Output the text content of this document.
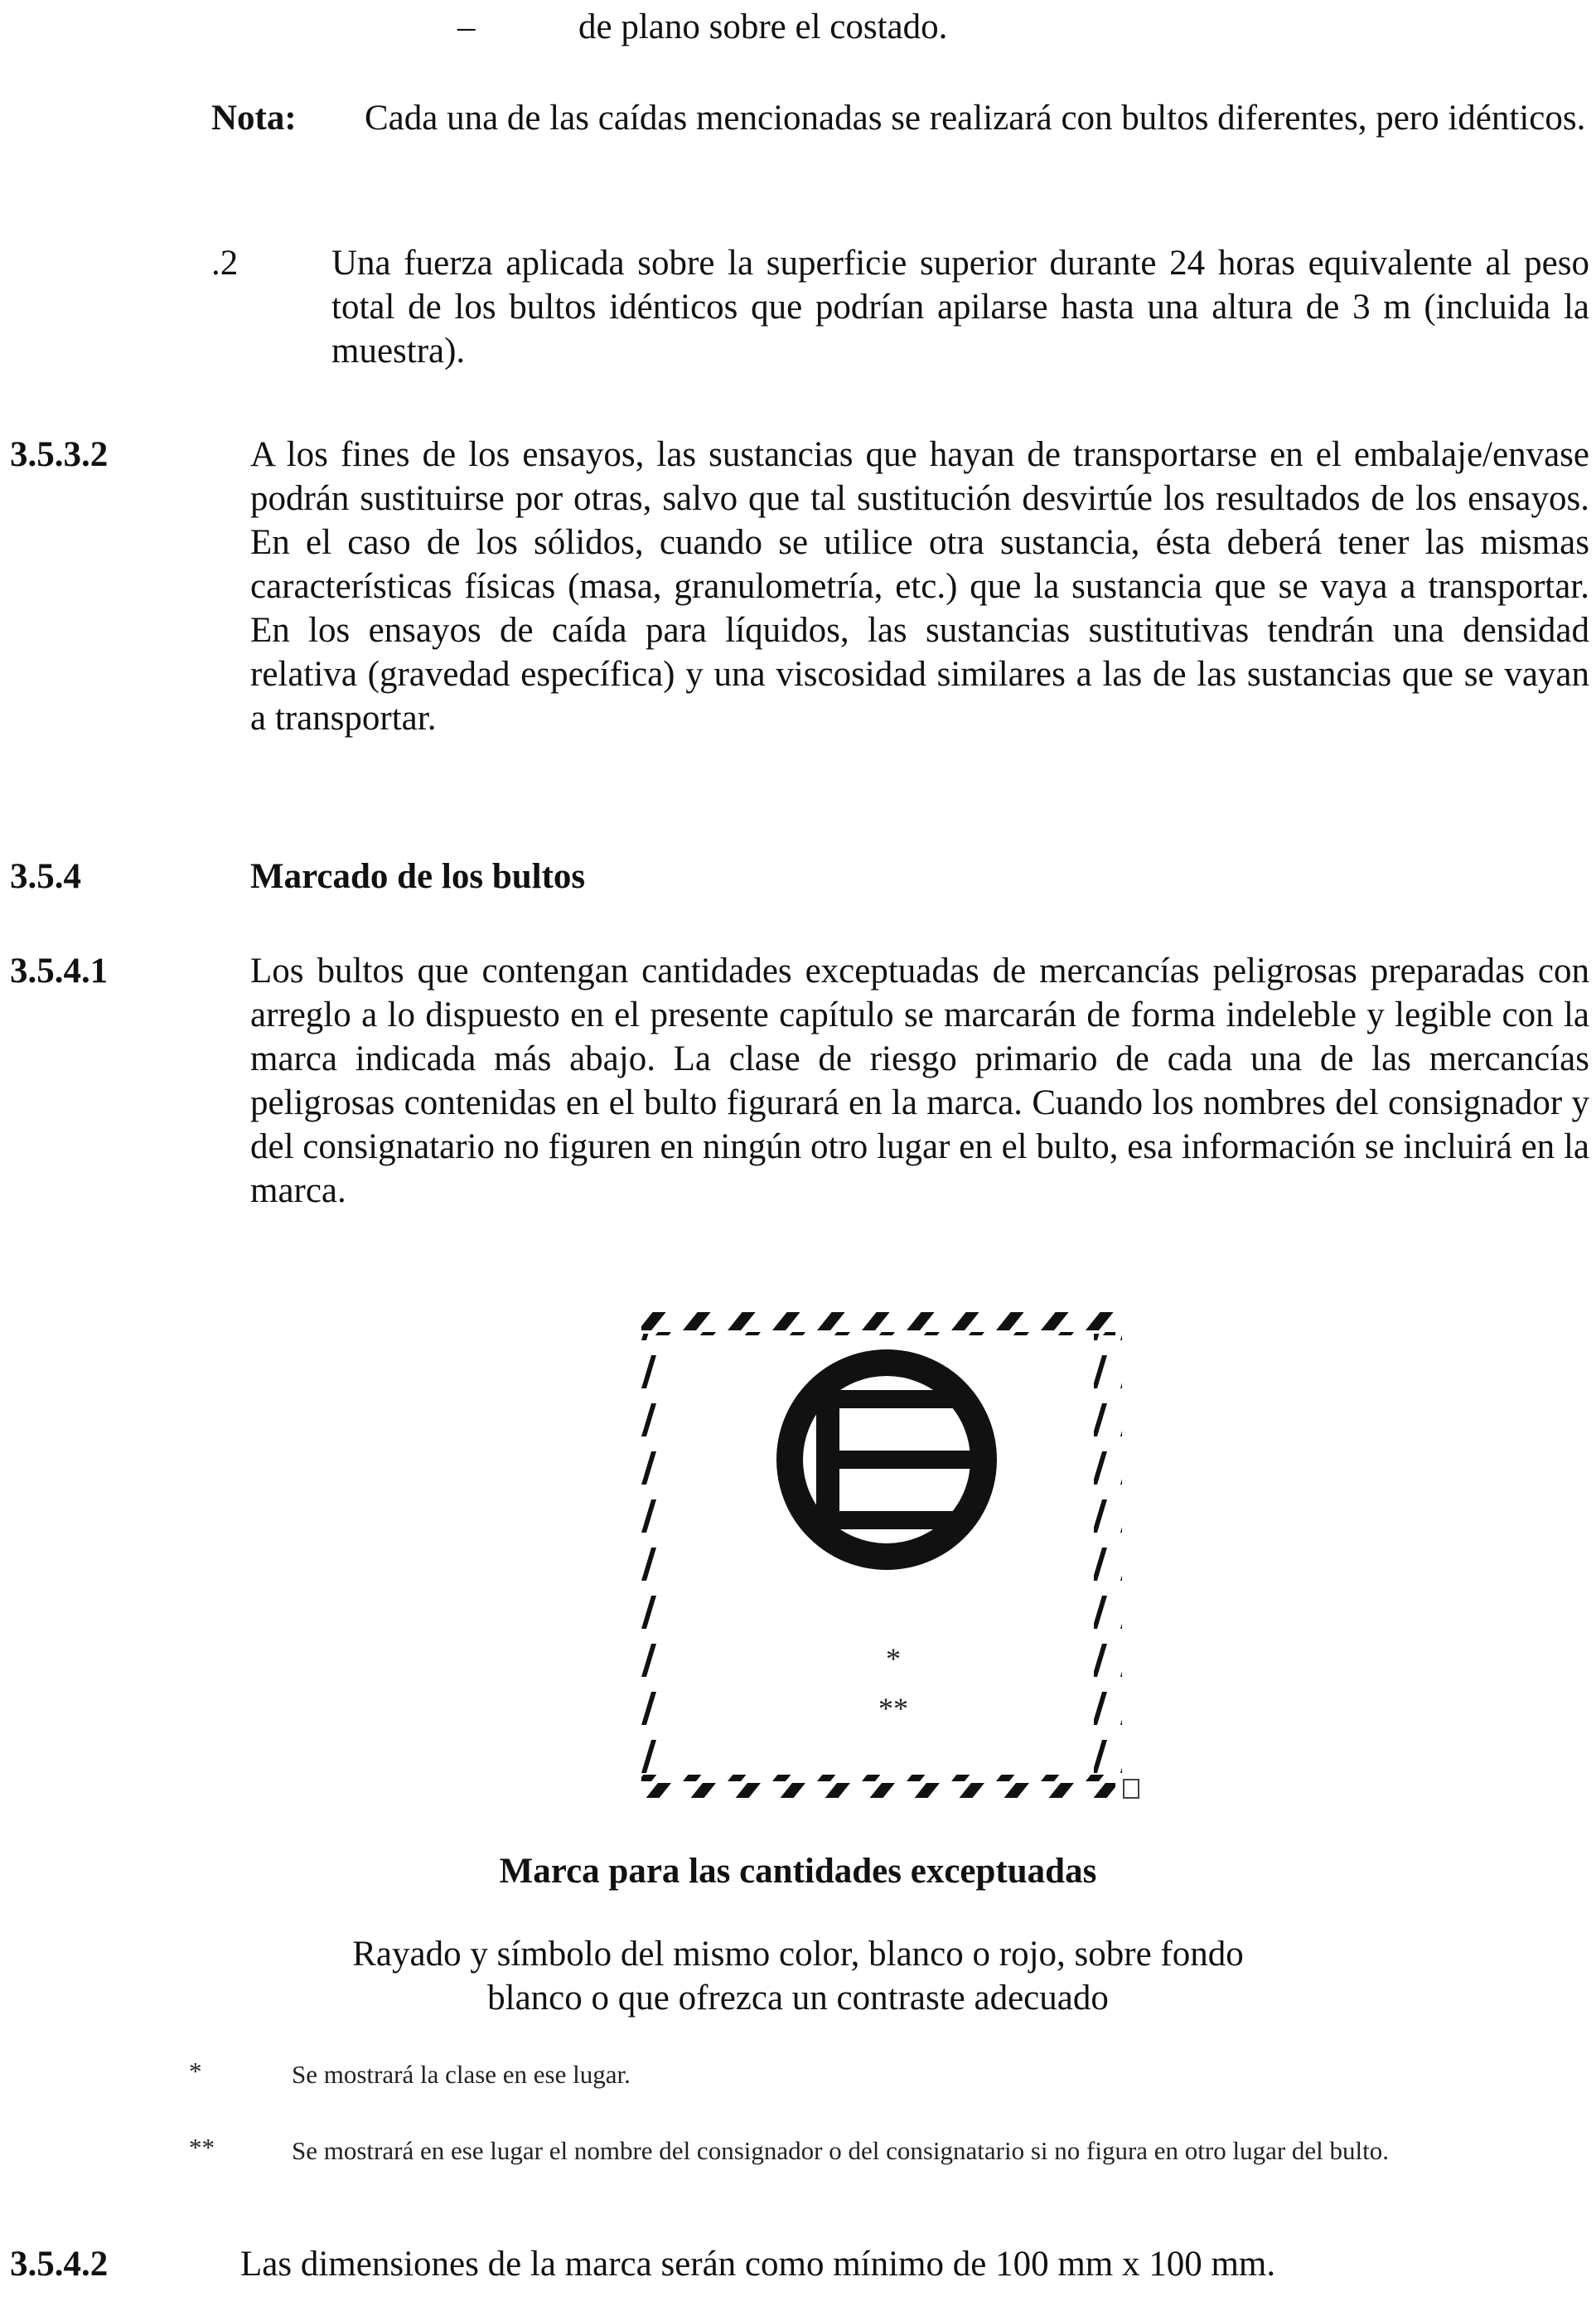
–	de plano sobre el costado.
Nota: Cada una de las caídas mencionadas se realizará con bultos diferentes, pero idénticos.
.2	Una fuerza aplicada sobre la superficie superior durante 24 horas equivalente al peso total de los bultos idénticos que podrían apilarse hasta una altura de 3 m (incluida la muestra).
3.5.3.2	A los fines de los ensayos, las sustancias que hayan de transportarse en el embalaje/envase podrán sustituirse por otras, salvo que tal sustitución desvirtúe los resultados de los ensayos. En el caso de los sólidos, cuando se utilice otra sustancia, ésta deberá tener las mismas características físicas (masa, granulometría, etc.) que la sustancia que se vaya a transportar. En los ensayos de caída para líquidos, las sustancias sustitutivas tendrán una densidad relativa (gravedad específica) y una viscosidad similares a las de las sustancias que se vayan a transportar.
3.5.4	Marcado de los bultos
3.5.4.1	Los bultos que contengan cantidades exceptuadas de mercancías peligrosas preparadas con arreglo a lo dispuesto en el presente capítulo se marcarán de forma indeleble y legible con la marca indicada más abajo. La clase de riesgo primario de cada una de las mercancías peligrosas contenidas en el bulto figurará en la marca. Cuando los nombres del consignador y del consignatario no figuren en ningún otro lugar en el bulto, esa información se incluirá en la marca.
*
**
Marca para las cantidades exceptuadas
Rayado y símbolo del mismo color, blanco o rojo, sobre fondo
blanco o que ofrezca un contraste adecuado
*	Se mostrará la clase en ese lugar.
**	Se mostrará en ese lugar el nombre del consignador o del consignatario si no figura en otro lugar del bulto.
3.5.4.2	Las dimensiones de la marca serán como mínimo de 100 mm x 100 mm.
